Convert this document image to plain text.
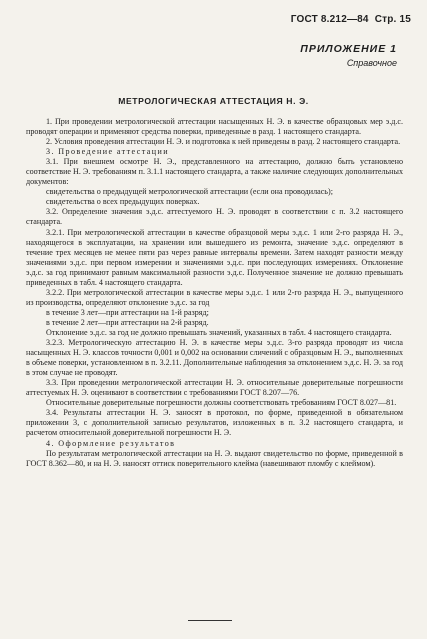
ГОСТ 8.212—84 Стр. 15
ПРИЛОЖЕНИЕ 1
Справочное
МЕТРОЛОГИЧЕСКАЯ АТТЕСТАЦИЯ Н. Э.

1. При проведении метрологической аттестации насыщенных Н. Э. в качестве образцовых мер э.д.с. проводят операции и применяют средства поверки, приведенные в разд. 1 настоящего стандарта.

2. Условия проведения аттестации Н. Э. и подготовка к ней приведены в разд. 2 настоящего стандарта.

3. Проведение аттестации

3.1. При внешнем осмотре Н. Э., представленного на аттестацию, должно быть установлено соответствие Н. Э. требованиям п. 3.1.1 настоящего стандарта, а также наличие следующих дополнительных документов:

свидетельства о предыдущей метрологической аттестации (если она проводилась);

свидетельства о всех предыдущих поверках.

3.2. Определение значения э.д.с. аттестуемого Н. Э. проводят в соответствии с п. 3.2 настоящего стандарта.

3.2.1. При метрологической аттестации в качестве образцовой меры э.д.с. 1 или 2-го разряда Н. Э., находящегося в эксплуатации, на хранении или вышедшего из ремонта, значение э.д.с. определяют в течение трех месяцев не менее пяти раз через равные интервалы времени. Затем находят разности между значениями э.д.с. при первом измерении и значениями э.д.с. при последующих измерениях. Отклонение э.д.с. за год принимают равным максимальной разности э.д.с. Полученное значение не должно превышать приведенных в табл. 4 настоящего стандарта.

3.2.2. При метрологической аттестации в качестве меры э.д.с. 1 или 2-го разряда Н. Э., выпущенного из производства, определяют отклонение э.д.с. за год

в течение 3 лет—при аттестации на 1-й разряд;

в течение 2 лет—при аттестации на 2-й разряд.

Отклонение э.д.с. за год не должно превышать значений, указанных в табл. 4 настоящего стандарта.

3.2.3. Метрологическую аттестацию Н. Э. в качестве меры э.д.с. 3-го разряда проводят из числа насыщенных Н. Э. классов точности 0,001 и 0,002 на основании сличений с образцовым Н. Э., выполненных в объеме поверки, установленном в п. 3.2.11. Дополнительные наблюдения за отклонением э.д.с. Н. Э. за год в этом случае не проводят.

3.3. При проведении метрологической аттестации Н. Э. относительные доверительные погрешности аттестуемых Н. Э. оценивают в соответствии с требованиями ГОСТ 8.207—76.

Относительные доверительные погрешности должны соответствовать требованиям ГОСТ 8.027—81.

3.4. Результаты аттестации Н. Э. заносят в протокол, по форме, приведенной в обязательном приложении 3, с дополнительной записью результатов, изложенных в п. 3.2 настоящего стандарта, и расчетом относительной доверительной погрешности Н. Э.

4. Оформление результатов

По результатам метрологической аттестации на Н. Э. выдают свидетельство по форме, приведенной в ГОСТ 8.362—80, и на Н. Э. наносят оттиск поверительного клейма (навешивают пломбу с клеймом).
